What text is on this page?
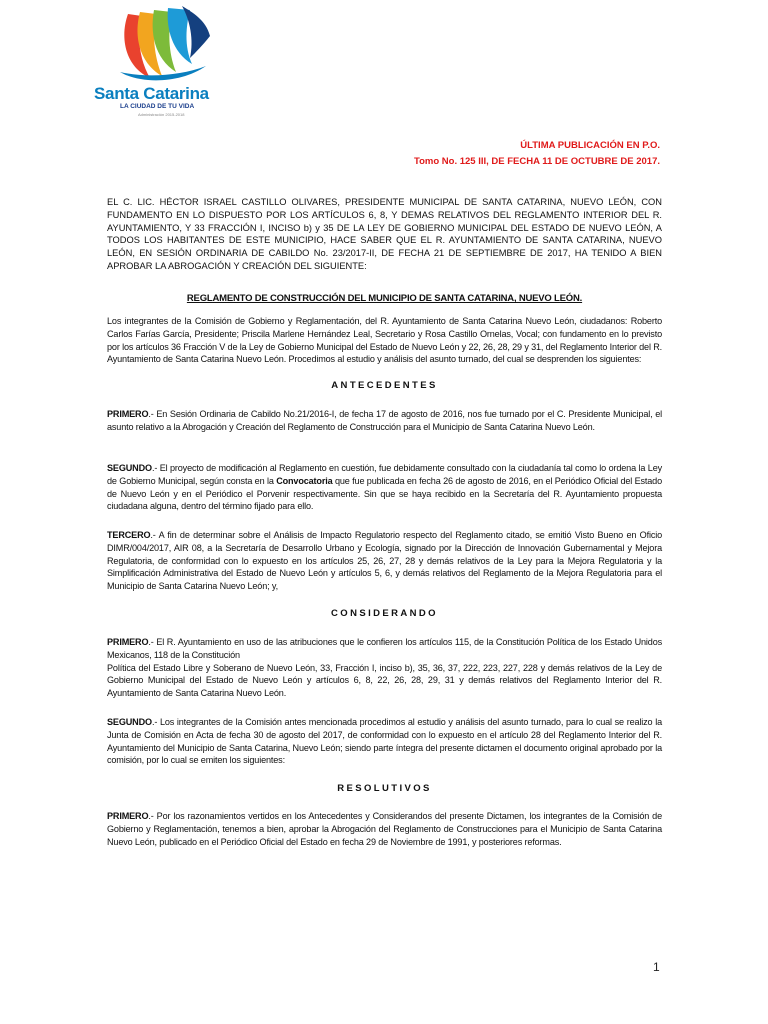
Santa Catarina
LA CIUDAD DE TU VIDA
Administración 2015-2018
ÚLTIMA PUBLICACIÓN EN P.O.
Tomo No. 125 III, DE FECHA 11 DE OCTUBRE DE 2017.
EL C. LIC. HÉCTOR ISRAEL CASTILLO OLIVARES, PRESIDENTE MUNICIPAL DE SANTA CATARINA, NUEVO LEÓN, CON FUNDAMENTO EN LO DISPUESTO POR LOS ARTÍCULOS 6, 8, Y DEMAS RELATIVOS DEL REGLAMENTO INTERIOR DEL R. AYUNTAMIENTO, Y 33 FRACCIÓN I, INCISO b) y 35 DE LA LEY DE GOBIERNO MUNICIPAL DEL ESTADO DE NUEVO LEÓN, A TODOS LOS HABITANTES DE ESTE MUNICIPIO, HACE SABER QUE EL R. AYUNTAMIENTO DE SANTA CATARINA, NUEVO LEÓN, EN SESIÓN ORDINARIA DE CABILDO No. 23/2017-II, DE FECHA 21 DE SEPTIEMBRE DE 2017, HA TENIDO A BIEN APROBAR LA ABROGACIÓN Y CREACIÓN DEL SIGUIENTE:
REGLAMENTO DE CONSTRUCCIÓN DEL MUNICIPIO DE SANTA CATARINA, NUEVO LEÓN.
Los integrantes de la Comisión de Gobierno y Reglamentación, del R. Ayuntamiento de Santa Catarina Nuevo León, ciudadanos: Roberto Carlos Farías García, Presidente; Priscila Marlene Hernández Leal, Secretario y Rosa Castillo Ornelas, Vocal; con fundamento en lo previsto por los artículos 36 Fracción V de la Ley de Gobierno Municipal del Estado de Nuevo León y 22, 26, 28, 29 y 31, del Reglamento Interior del R. Ayuntamiento de Santa Catarina Nuevo León. Procedimos al estudio y análisis del asunto turnado, del cual se desprenden los siguientes:
ANTECEDENTES
PRIMERO.- En Sesión Ordinaria de Cabildo No.21/2016-I, de fecha 17 de agosto de 2016, nos fue turnado por el C. Presidente Municipal, el asunto relativo a la Abrogación y Creación del Reglamento de Construcción para el Municipio de Santa Catarina Nuevo León.
SEGUNDO.- El proyecto de modificación al Reglamento en cuestión, fue debidamente consultado con la ciudadanía tal como lo ordena la Ley de Gobierno Municipal, según consta en la Convocatoria que fue publicada en fecha 26 de agosto de 2016, en el Periódico Oficial del Estado de Nuevo León y en el Periódico el Porvenir respectivamente. Sin que se haya recibido en la Secretaría del R. Ayuntamiento propuesta ciudadana alguna, dentro del término fijado para ello.
TERCERO.- A fin de determinar sobre el Análisis de Impacto Regulatorio respecto del Reglamento citado, se emitió Visto Bueno en Oficio DIMR/004/2017, AIR 08, a la Secretaría de Desarrollo Urbano y Ecología, signado por la Dirección de Innovación Gubernamental y Mejora Regulatoria, de conformidad con lo expuesto en los artículos 25, 26, 27, 28 y demás relativos de la Ley para la Mejora Regulatoria y la Simplificación Administrativa del Estado de Nuevo León y artículos 5, 6, y demás relativos del Reglamento de la Mejora Regulatoria para el Municipio de Santa Catarina Nuevo León; y,
CONSIDERANDO
PRIMERO.- El R. Ayuntamiento en uso de las atribuciones que le confieren los artículos 115, de la Constitución Política de los Estado Unidos Mexicanos, 118 de la Constitución
Política del Estado Libre y Soberano de Nuevo León, 33, Fracción I, inciso b), 35, 36, 37, 222, 223, 227, 228 y demás relativos de la Ley de Gobierno Municipal del Estado de Nuevo León y artículos 6, 8, 22, 26, 28, 29, 31 y demás relativos del Reglamento Interior del R. Ayuntamiento de Santa Catarina Nuevo León.
SEGUNDO.- Los integrantes de la Comisión antes mencionada procedimos al estudio y análisis del asunto turnado, para lo cual se realizo la Junta de Comisión en Acta de fecha 30 de agosto del 2017, de conformidad con lo expuesto en el artículo 28 del Reglamento Interior del R. Ayuntamiento del Municipio de Santa Catarina, Nuevo León; siendo parte íntegra del presente dictamen el documento original aprobado por la comisión, por lo cual se emiten los siguientes:
RESOLUTIVOS
PRIMERO.- Por los razonamientos vertidos en los Antecedentes y Considerandos del presente Dictamen, los integrantes de la Comisión de Gobierno y Reglamentación, tenemos a bien, aprobar la Abrogación del Reglamento de Construcciones para el Municipio de Santa Catarina Nuevo León, publicado en el Periódico Oficial del Estado en fecha 29 de Noviembre de 1991, y posteriores reformas.
1
